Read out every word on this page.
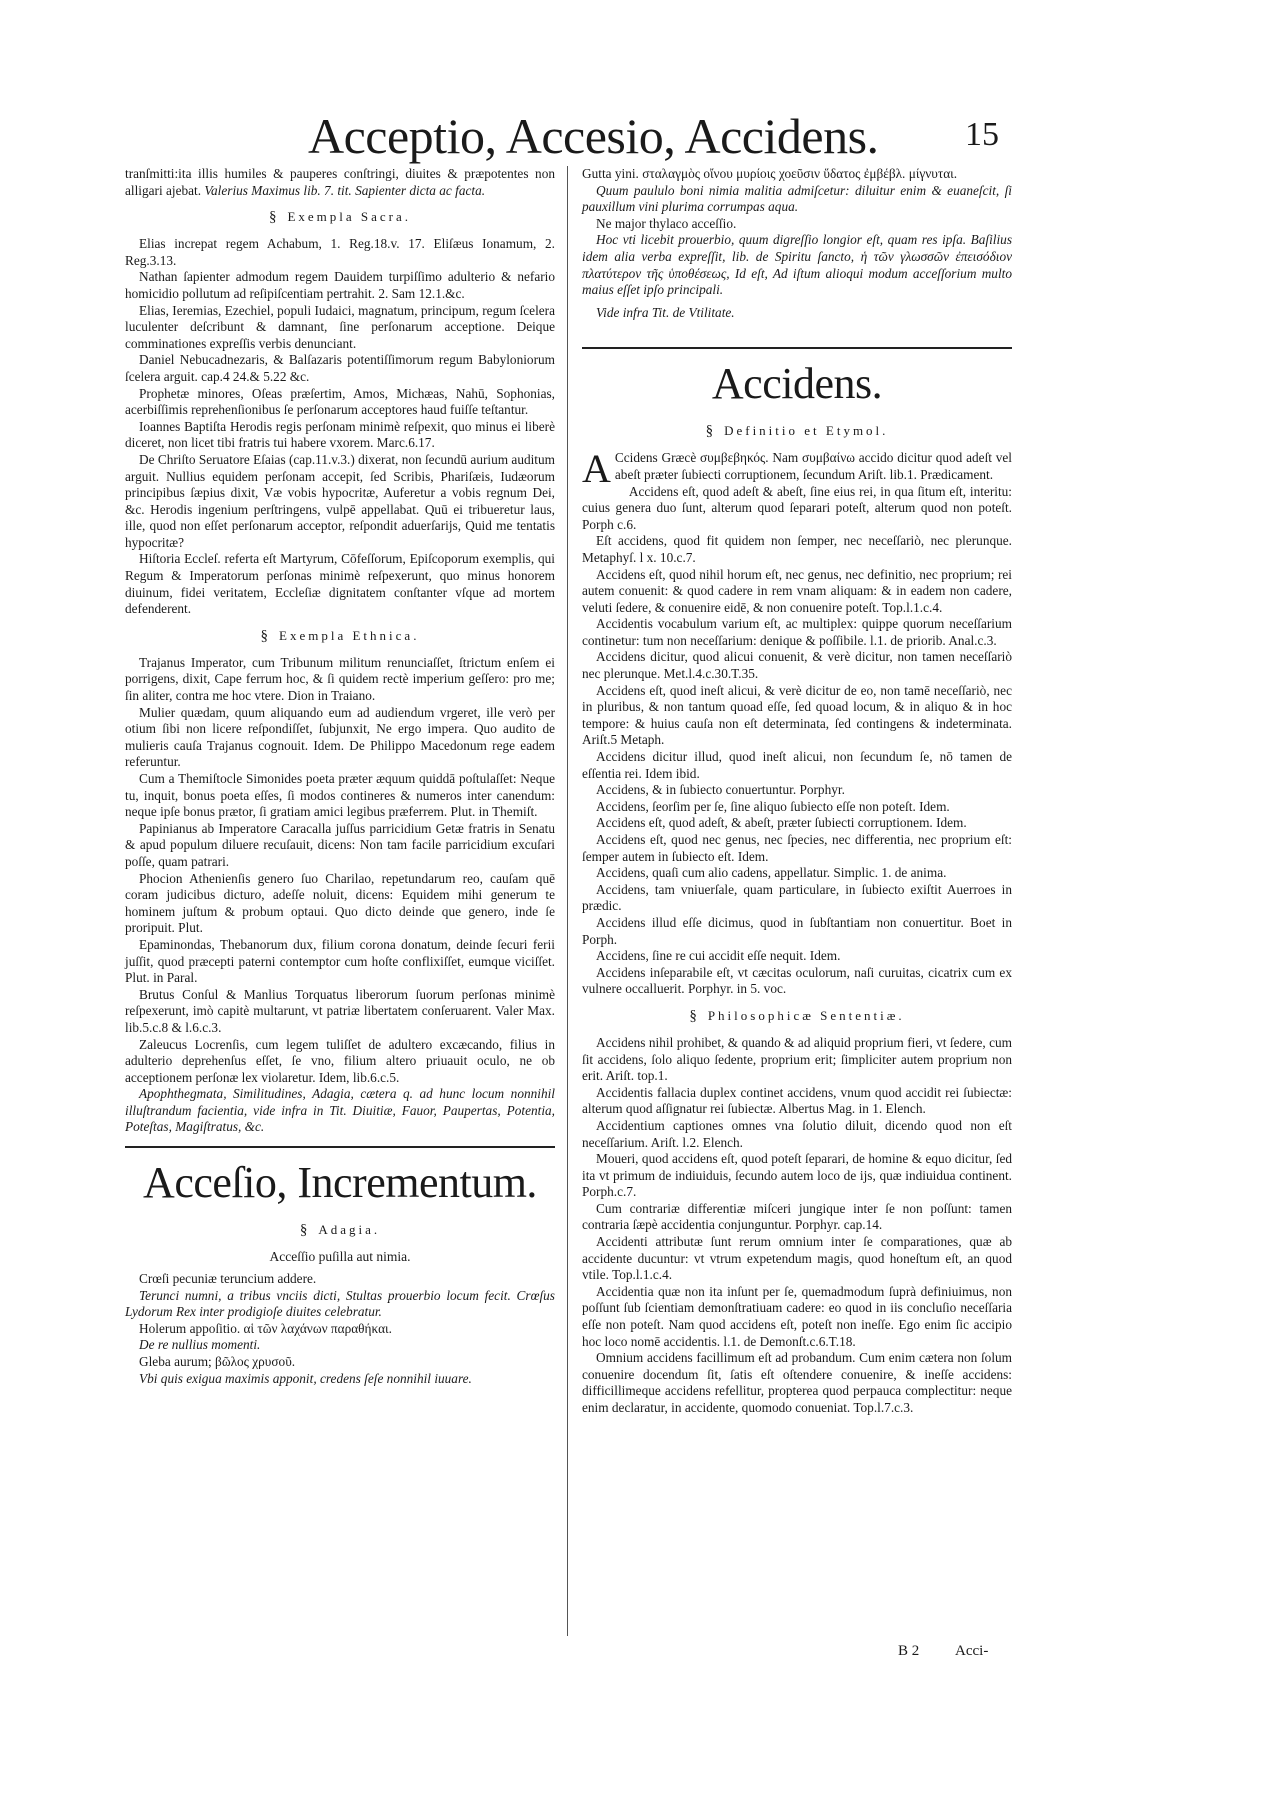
Acceptio, Accesio, Accidens.	15

tranſmitti:ita illis humiles & pauperes conſtringi, diuites & præpotentes non alligari ajebat. Valerius Maximus lib. 7. tit. Sapienter dicta ac facta.

§ Exempla Sacra.

Elias increpat regem Achabum, 1. Reg.18.v. 17. Eliſæus Ionamum, 2. Reg.3.13.

Nathan ſapienter admodum regem Dauidem turpiſſimo adulterio & nefario homicidio pollutum ad reſipiſcentiam pertrahit. 2. Sam 12.1.&c.

Elias, Ieremias, Ezechiel, populi Iudaici, magnatum, principum, regum ſcelera luculenter deſcribunt & damnant, ſine perſonarum acceptione. Deique comminationes expreſſis verbis denunciant.

Daniel Nebucadnezaris, & Balſazaris potentiſſimorum regum Babyloniorum ſcelera arguit. cap.4 24.& 5.22 &c.

Prophetæ minores, Oſeas præſertim, Amos, Michæas, Nahū, Sophonias, acerbiſſimis reprehenſionibus ſe perſonarum acceptores haud fuiſſe teſtantur.

Ioannes Baptiſta Herodis regis perſonam minimè reſpexit, quo minus ei liberè diceret, non licet tibi fratris tui habere vxorem. Marc.6.17.

De Chriſto Seruatore Eſaias (cap.11.v.3.) dixerat, non ſecundū aurium auditum arguit. Nullius equidem perſonam accepit, ſed Scribis, Phariſæis, Iudæorum principibus ſæpius dixit, Væ vobis hypocritæ, Auferetur a vobis regnum Dei, &c. Herodis ingenium perſtringens, vulpē appellabat. Quū ei tribueretur laus, ille, quod non eſſet perſonarum acceptor, reſpondit aduerſarijs, Quid me tentatis hypocritæ?

Hiſtoria Eccleſ. referta eſt Martyrum, Cōfeſſorum, Epiſcoporum exemplis, qui Regum & Imperatorum perſonas minimè reſpexerunt, quo minus honorem diuinum, fidei veritatem, Eccleſiæ dignitatem conſtanter vſque ad mortem defenderent.

§ Exempla Ethnica.

Trajanus Imperator, cum Tribunum militum renunciaſſet, ſtrictum enſem ei porrigens, dixit, Cape ferrum hoc, & ſi quidem rectè imperium geſſero: pro me; ſin aliter, contra me hoc vtere. Dion in Traiano.

Mulier quædam, quum aliquando eum ad audiendum vrgeret, ille verò per otium ſibi non licere reſpondiſſet, ſubjunxit, Ne ergo impera. Quo audito de mulieris cauſa Trajanus cognouit. Idem. De Philippo Macedonum rege eadem referuntur.

Cum a Themiſtocle Simonides poeta præter æquum quiddā poſtulaſſet: Neque tu, inquit, bonus poeta eſſes, ſi modos contineres & numeros inter canendum: neque ipſe bonus prætor, ſi gratiam amici legibus præferrem. Plut. in Themiſt.

Papinianus ab Imperatore Caracalla juſſus parricidium Getæ fratris in Senatu & apud populum diluere recuſauit, dicens: Non tam facile parricidium excuſari poſſe, quam patrari.

Phocion Athenienſis genero ſuo Charilao, repetundarum reo, cauſam quē coram judicibus dicturo, adeſſe noluit, dicens: Equidem mihi generum te hominem juſtum & probum optaui. Quo dicto deinde que genero, inde ſe proripuit. Plut.

Epaminondas, Thebanorum dux, filium corona donatum, deinde ſecuri ferii juſſit, quod præcepti paterni contemptor cum hoſte conflixiſſet, eumque viciſſet. Plut. in Paral.

Brutus Conſul & Manlius Torquatus liberorum ſuorum perſonas minimè reſpexerunt, imò capitè multarunt, vt patriæ libertatem conſeruarent. Valer Max. lib.5.c.8 & l.6.c.3.

Zaleucus Locrenſis, cum legem tuliſſet de adultero excæcando, filius in adulterio deprehenſus eſſet, ſe vno, filium altero priuauit oculo, ne ob acceptionem perſonæ lex violaretur. Idem, lib.6.c.5.

Apophthegmata, Similitudines, Adagia, cætera q. ad hunc locum nonnihil illuſtrandum facientia, vide infra in Tit. Diuitiæ, Fauor, Paupertas, Potentia, Poteſtas, Magiſtratus, &c.

Acceſio, Incrementum.
§ Adagia.
Acceſſio puſilla aut nimia.

Crœſi pecuniæ teruncium addere.

Terunci numni, a tribus vnciis dicti, Stultas prouerbio locum fecit. Crœſus Lydorum Rex inter prodigioſe diuites celebratur.

Holerum appoſitio. αἱ τῶν λαχάνων παραθήκαι.

De re nullius momenti.

Gleba aurum; βῶλος χρυσοῦ.

Vbi quis exigua maximis apponit, credens ſeſe nonnihil iuuare.

Gutta yini. σταλαγμὸς οἴνου μυρίοις χοεῦσιν ὕδατος ἐμβέβλ. μίγνυται.

Quum paululo boni nimia malitia admiſcetur: diluitur enim & euaneſcit, ſi pauxillum vini plurima corrumpas aqua.

Ne major thylaco acceſſio.

Hoc vti licebit prouerbio, quum digreſſio longior eſt, quam res ipſa. Baſilius idem alia verba expreſſit, lib. de Spiritu ſancto, ἡ τῶν γλωσσῶν ἐπεισόδιον πλατύτερον τῆς ὑποθέσεως, Id eſt, Ad iſtum alioqui modum acceſſorium multo maius eſſet ipſo principali.

Vide infra Tit. de Vtilitate.

Accidens.
§ Definitio et Etymol.

A Ccidens Græcè συμβεβηκός. Nam συμβαίνω accido dicitur quod adeſt vel abeſt præter ſubiecti corruptionem, ſecundum Ariſt. lib.1. Prædicament.

Accidens eſt, quod adeſt & abeſt, ſine eius rei, in qua ſitum eſt, interitu: cuius genera duo ſunt, alterum quod ſeparari poteſt, alterum quod non poteſt. Porph c.6.

Eſt accidens, quod fit quidem non ſemper, nec neceſſariò, nec plerunque. Metaphyſ. l x. 10.c.7.

Accidens eſt, quod nihil horum eſt, nec genus, nec definitio, nec proprium; rei autem conuenit: & quod cadere in rem vnam aliquam: & in eadem non cadere, veluti ſedere, & conuenire eidē, & non conuenire poteſt. Top.l.1.c.4.

Accidentis vocabulum varium eſt, ac multiplex: quippe quorum neceſſarium continetur: tum non neceſſarium: denique & poſſibile. l.1. de priorib. Anal.c.3.

Accidens dicitur, quod alicui conuenit, & verè dicitur, non tamen neceſſariò nec plerunque. Met.l.4.c.30.T.35.

Accidens eſt, quod ineſt alicui, & verè dicitur de eo, non tamē neceſſariò, nec in pluribus, & non tantum quoad eſſe, ſed quoad locum, & in aliquo & in hoc tempore: & huius cauſa non eſt determinata, ſed contingens & indeterminata. Ariſt.5 Metaph.

Accidens dicitur illud, quod ineſt alicui, non ſecundum ſe, nō tamen de eſſentia rei. Idem ibid.

Accidens, & in ſubiecto conuertuntur. Porphyr.

Accidens, ſeorſim per ſe, ſine aliquo ſubiecto eſſe non poteſt. Idem.

Accidens eſt, quod adeſt, & abeſt, præter ſubiecti corruptionem. Idem.

Accidens eſt, quod nec genus, nec ſpecies, nec differentia, nec proprium eſt: ſemper autem in ſubiecto eſt. Idem.

Accidens, quaſi cum alio cadens, appellatur. Simplic. 1. de anima.

Accidens, tam vniuerſale, quam particulare, in ſubiecto exiſtit Auerroes in prædic.

Accidens illud eſſe dicimus, quod in ſubſtantiam non conuertitur. Boet in Porph.

Accidens, ſine re cui accidit eſſe nequit. Idem.

Accidens inſeparabile eſt, vt cæcitas oculorum, naſi curuitas, cicatrix cum ex vulnere occalluerit. Porphyr. in 5. voc.

§ Philosophicæ Sententiæ.

Accidens nihil prohibet, & quando & ad aliquid proprium fieri, vt ſedere, cum ſit accidens, ſolo aliquo ſedente, proprium erit; ſimpliciter autem proprium non erit. Ariſt. top.1.

Accidentis fallacia duplex continet accidens, vnum quod accidit rei ſubiectæ: alterum quod aſſignatur rei ſubiectæ. Albertus Mag. in 1. Elench.

Accidentium captiones omnes vna ſolutio diluit, dicendo quod non eſt neceſſarium. Ariſt. l.2. Elench.

Moueri, quod accidens eſt, quod poteſt ſeparari, de homine & equo dicitur, ſed ita vt primum de indiuiduis, ſecundo autem loco de ijs, quæ indiuidua continent. Porph.c.7.

Cum contrariæ differentiæ miſceri jungique inter ſe non poſſunt: tamen contraria ſæpè accidentia conjunguntur. Porphyr. cap.14.

Accidenti attributæ ſunt rerum omnium inter ſe comparationes, quæ ab accidente ducuntur: vt vtrum expetendum magis, quod honeſtum eſt, an quod vtile. Top.l.1.c.4.

Accidentia quæ non ita inſunt per ſe, quemadmodum ſuprà definiuimus, non poſſunt ſub ſcientiam demonſtratiuam cadere: eo quod in iis concluſio neceſſaria eſſe non poteſt. Nam quod accidens eſt, poteſt non ineſſe. Ego enim ſic accipio hoc loco nomē accidentis. l.1. de Demonſt.c.6.T.18.

Omnium accidens facillimum eſt ad probandum. Cum enim cætera non ſolum conuenire docendum ſit, ſatis eſt oſtendere conuenire, & ineſſe accidens: difficillimeque accidens refellitur, propterea quod perpauca complectitur: neque enim declaratur, in accidente, quomodo conueniat. Top.l.7.c.3.

B 2 Acci-
